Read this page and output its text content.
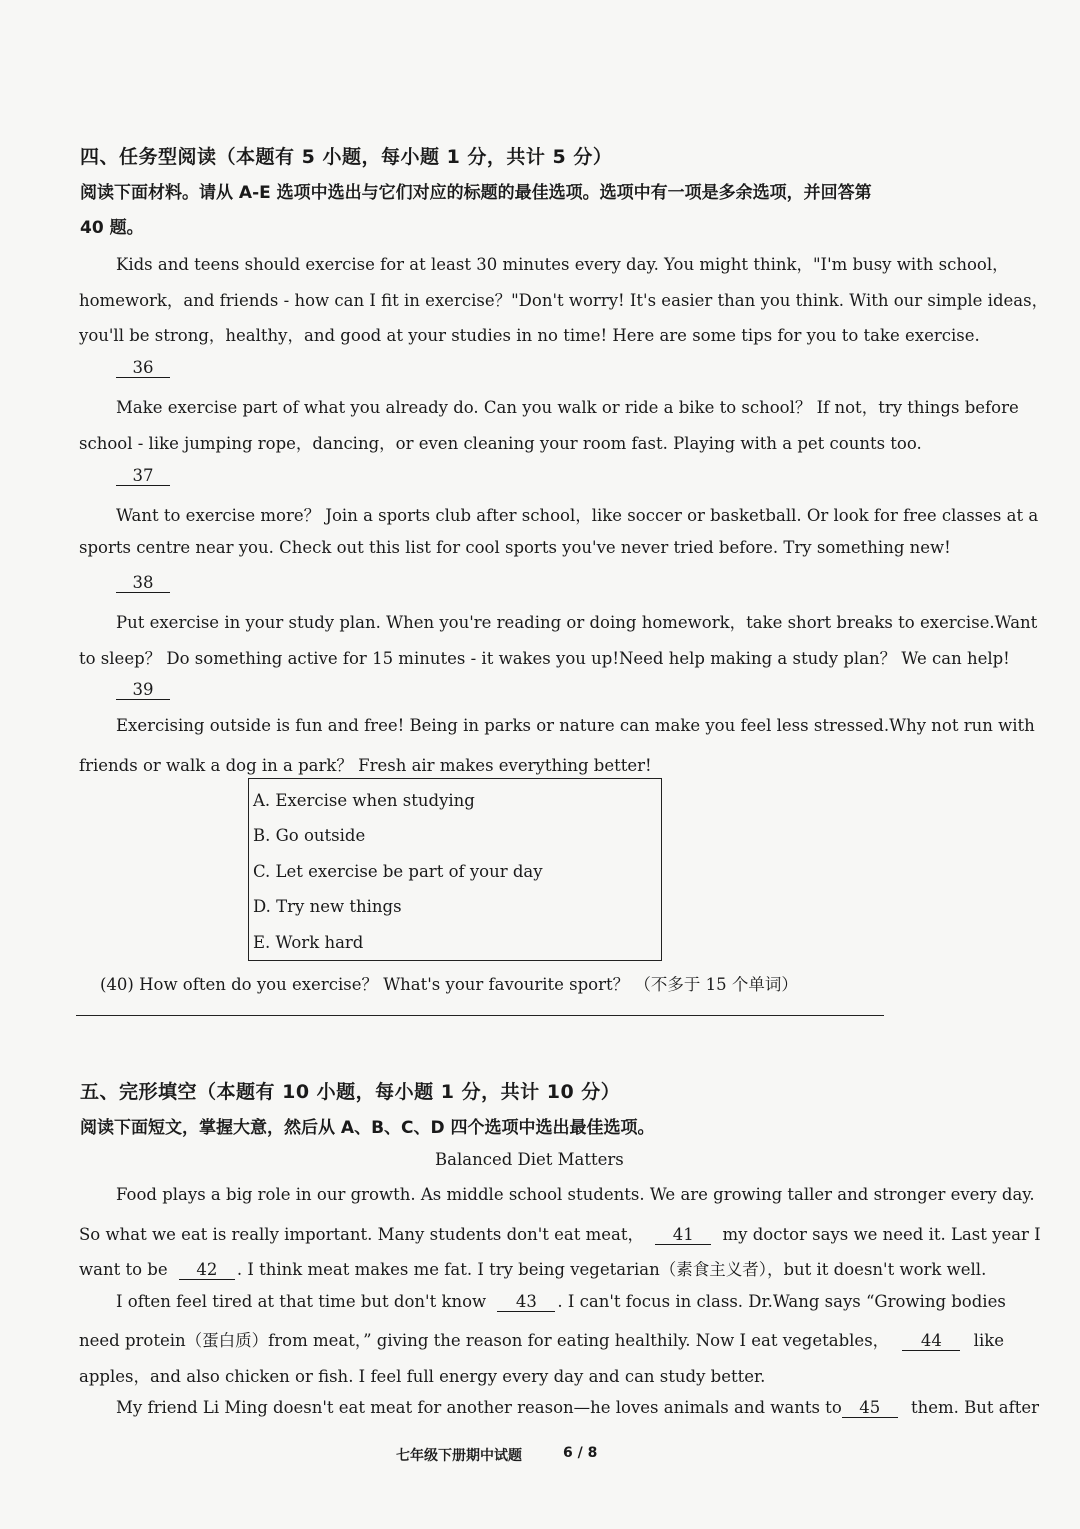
四、任务型阅读（本题有 5 小题，每小题 1 分，共计 5 分）
阅读下面材料。请从 A-E 选项中选出与它们对应的标题的最佳选项。选项中有一项是多余选项，并回答第
40 题。
Kids and teens should exercise for at least 30 minutes every day. You might think，"I'm busy with school，
homework，and friends - how can I fit in exercise？"Don't worry! It's easier than you think. With our simple ideas，
you'll be strong，healthy，and good at your studies in no time! Here are some tips for you to take exercise.
36
Make exercise part of what you already do. Can you walk or ride a bike to school？ If not，try things before
school - like jumping rope，dancing，or even cleaning your room fast. Playing with a pet counts too.
37
Want to exercise more？ Join a sports club after school，like soccer or basketball. Or look for free classes at a
sports centre near you. Check out this list for cool sports you've never tried before. Try something new!
38
Put exercise in your study plan. When you're reading or doing homework，take short breaks to exercise.Want
to sleep？ Do something active for 15 minutes - it wakes you up!Need help making a study plan？ We can help!
39
Exercising outside is fun and free! Being in parks or nature can make you feel less stressed.Why not run with
friends or walk a dog in a park？ Fresh air makes everything better!
A. Exercise when studying
B. Go outside
C. Let exercise be part of your day
D. Try new things
E. Work hard
(40) How often do you exercise？ What's your favourite sport？ （不多于 15 个单词）
五、完形填空（本题有 10 小题，每小题 1 分，共计 10 分）
阅读下面短文，掌握大意，然后从 A、B、C、D 四个选项中选出最佳选项。
Balanced Diet Matters
Food plays a big role in our growth. As middle school students. We are growing taller and stronger every day.
So what we eat is really important. Many students don't eat meat， 41 my doctor says we need it. Last year I
want to be 42 . I think meat makes me fat. I try being vegetarian（素食主义者），but it doesn't work well.
I often feel tired at that time but don't know 43 . I can't focus in class. Dr.Wang says “Growing bodies
need protein（蛋白质）from meat，” giving the reason for eating healthily. Now I eat vegetables， 44 like
apples，and also chicken or fish. I feel full energy every day and can study better.
My friend Li Ming doesn't eat meat for another reason—he loves animals and wants to 45 them. But after
七年级下册期中试题	6 / 8
